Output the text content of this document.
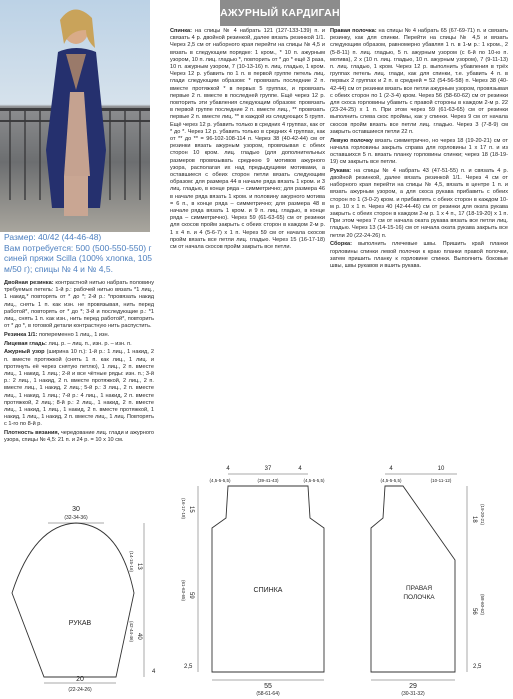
АЖУРНЫЙ КАРДИГАН
Размер: 40/42 (44-46-48)
Вам потребуется: 500 (500-550-550) г синей пряжи Scilla (100% хлопка, 105 м/50 г); спицы № 4 и № 4,5.

Двойная резинка: контрастной нитью набрать половину требуемых петель: 1-й р.: рабочей нитью вязать *1 лиц., 1 накид,* повторять от * до *; 2-й р.: *провязать накид лиц., снять 1 п. как изн. не провязывая, нить перед работой*, повторять от * до *; 3-й и последующие р.: *1 лиц., снять 1 п. как изн., нить перед работой*, повторить от * до *, в готовой детали контрастную нить распустить.

Резинка 1/1: попеременно 1 лиц., 1 изн.

Лицевая гладь: лиц. р. – лиц. п., изн. р. – изн. п.

Ажурный узор (ширина 10 п.): 1-й р.: 1 лиц., 1 накид, 2 п. вместе протяжкой (снять 1 п. как лиц., 1 лиц. и протянуть её через снятую петлю), 1 лиц., 2 п. вместе лиц., 1 накид, 1 лиц.; 2-й и все чётные ряды: изн. п.; 3-й р.: 2 лиц., 1 накид, 2 п. вместе протяжкой, 2 лиц., 2 п. вместе лиц., 1 накид, 2 лиц.; 5-й р.: 3 лиц., 2 п. вместе лиц., 1 накид, 1 лиц.; 7-й р.: 4 лиц., 1 накид, 2 п. вместе протяжкой, 2 лиц.; 8-й р.: 2 лиц., 1 накид, 2 п. вместе лиц., 1 накид, 1 лиц., 1 накид, 2 п. вместе протяжкой, 1 накид, 1 лиц., 1 накид, 2 п. вместе лиц., 1 лиц. Повторять с 1-го по 8-й р.

Плотность вязания, чередование лиц. глади и ажурного узора, спицы № 4,5: 21 п. и 24 р. = 10 х 10 см.

Спинка: на спицы № 4 набрать 121 (127-133-139) п. и связать 4 р. двойной резинкой, далее вязать резинкой 1/1. Через 2,5 см от наборного края перейти на спицы № 4,5 и вязать в следующем порядке: 1 кром., * 10 п. ажурным узором, 10 п. лиц. гладью *, повторить от * до * ещё 3 раза, 10 п. ажурным узором, 7 (10-13-16) п. лиц. гладью, 1 кром. Через 12 р. убавить по 1 п. в первой группе петель лиц. глади следующим образом: * провязать последние 2 п. вместе протяжкой * в первых 5 группах, и провязать первые 2 п. вместе в последней группе. Ещё через 12 р. повторить эти убавления следующим образом: провязать в первой группе последние 2 п. вместе лиц., ** провязать первые 2 п. вместе лиц. ** в каждой из следующих 5 групп. Ещё через 12 р. убавить только в средних 4 группах, как от * до *. Через 12 р. убавить только в средних 4 группах, как от ** до ** = 96-102-108-114 п. Через 38 (40-42-44) см от резинки вязать ажурным узором, провязывая с обеих сторон 10 кром. лиц. гладью (для дополнительных размеров провязывать среднюю 9 мотивов ажурного узора, располагая их над предыдущими мотивами, а оставшиеся с обеих сторон петли вязать следующим образом: для размера 44 в начале ряда вязать 1 кром. и 3 лиц. гладью, в конце ряда – симметрично; для размера 46 в начале ряда вязать 1 кром. и половину ажурного мотива = 6 п., в конце ряда – симметрично; для размера 48 в начале ряда вязать 1 кром. и 9 п. лиц. гладью, в конце ряда – симметрично). Через 59 (61-63-65) см от резинки для скосов пройм закрыть с обеих сторон в каждом 2-м р. 1 х 4 п. и 4 (5-6-7) х 1 п. Через 59 см от начала скосов пройм вязать все петли лиц. гладью. Через 15 (16-17-18) см от начала скосов пройм закрыть все петли.

Правая полочка: на спицы № 4 набрать 65 (67-69-71) п. и связать резинку, как для спинки. Перейти на спицы № 4,5 и вязать следующим образом, равномерно убавляя 1 п. в 1-м р.: 1 кром., 2 (5-8-11) п. лиц. гладью, 5 п. ажурным узором (с 6-й по 10-ю п. мотива), 2 х (10 п. лиц. гладью, 10 п. ажурным узором), 7 (9-11-13) п. лиц. гладью, 1 кром. Через 12 р. выполнить убавления в трёх группах петель лиц. глади, как для спинки, т.е. убавить 4 п. в первых 2 группах и 2 п. в средней = 52 (54-56-58) п. Через 38 (40-42-44) см от резинки вязать все петли ажурным узором, провязывая с обеих сторон по 1 (2-3-4) кром. Через 56 (58-60-62) см от резинки для скоса горловины убавить с правой стороны в каждом 2-м р. 22 (23-24-25) х 1 п. При этом через 59 (61-63-65) см от резинки выполнить слева скос проймы, как у спинки. Через 9 см от начала скосов пройм вязать все петли лиц. гладью. Через 3 (7-8-9) см закрыть оставшиеся петли 22 п.

Левую полочку вязать симметрично, но через 18 (19-20-21) см от начала горловины закрыть справа для горловины 1 х 17 п. и из оставшихся 5 п. вязать планку горловины спинки; через 18 (18-19-19) см закрыть все петли.

Рукава: на спицы № 4 набрать 43 (47-51-55) п. и связать 4 р. двойной резинкой, далее вязать резинкой 1/1. Через 4 см от наборного края перейти на спицы № 4,5, вязать в центре 1 п. и вязать ажурным узором, а для скоса рукава прибавить с обеих сторон по 1 (3-0-2) кром. и прибавлять с обеих сторон в каждом 10-м р. 10 х 1 п. Через 40 (42-44-46) см от резинки для оката рукава закрыть с обеих сторон в каждом 2-м р. 1 х 4 п., 17 (18-19-20) х 1 п. При этом через 7 см от начала оката рукава вязать все петли лиц. гладью. Через 13 (14-15-16) см от начала оката рукава закрыть все петли 20 (22-24-26) п.

Сборка: выполнить плечевые швы. Пришить край планки горловины спинки левой полочки к краю планки правой полочки, затем пришить планку к горловине спинки. Выполнить боковые швы, швы рукавов и вшить рукава.

30
(32-34-36)
РУКАВ
13
(14-15-16)
40
(42-44-46)
4
20
(22-24-26)
4	37	4
(4,5-5-5,5)	(39-41-43)	(4,5-5-5,5)
СПИНКА
15
(16-17-18)
59
(61-63-65)
2,5
55
(58-61-64)
4	10
(4,5-5-5,5)	(10-11-12)
ПРАВАЯ
ПОЛОЧКА
18 (19-20-21)
56 (58-60-62)
2,5
29
(30-31-32)
